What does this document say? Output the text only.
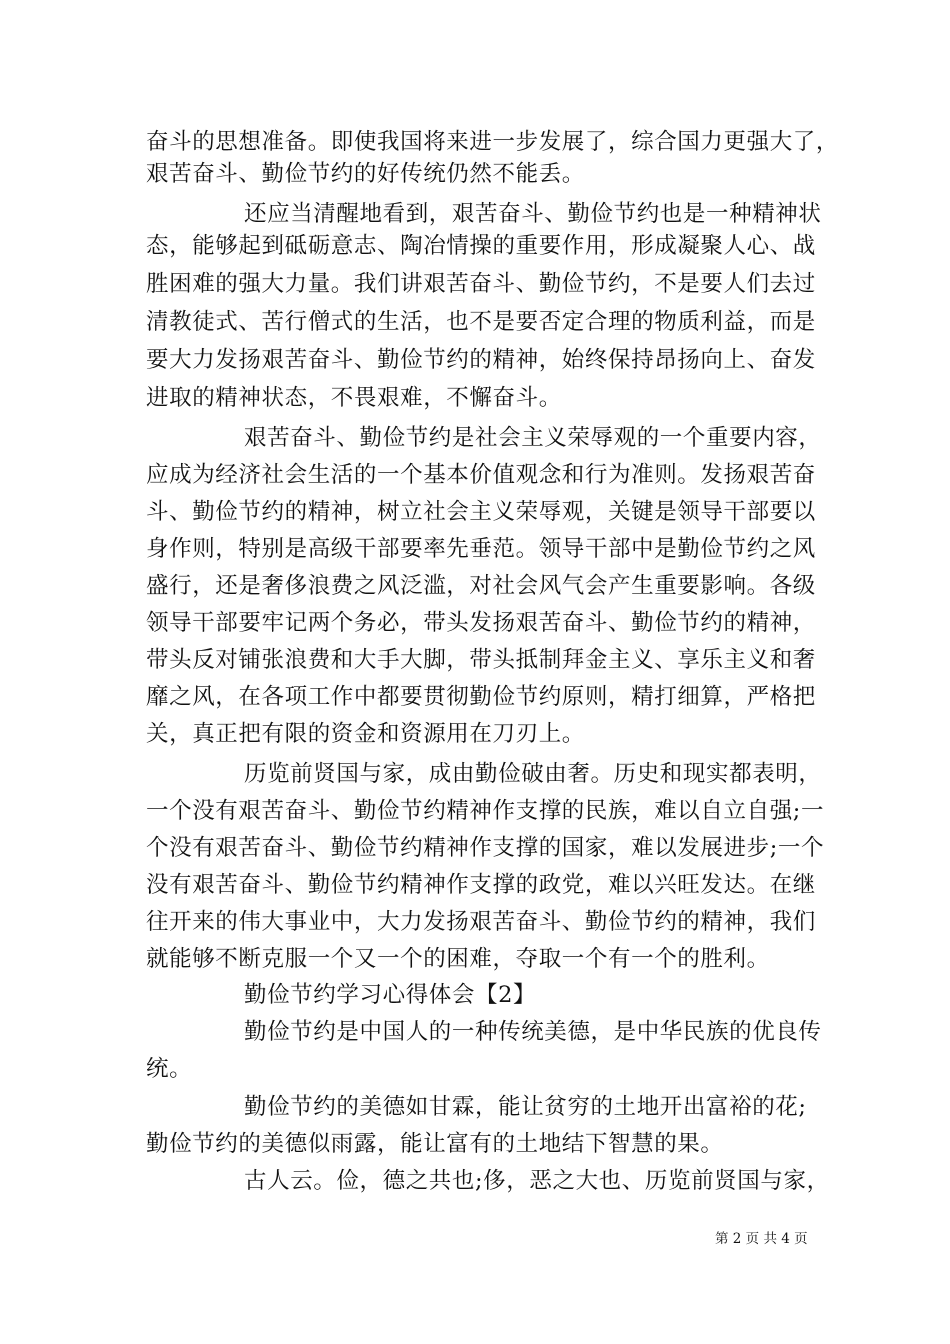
奋斗的思想准备。即使我国将来进一步发展了，综合国力更强大了，
艰苦奋斗、勤俭节约的好传统仍然不能丢。
还应当清醒地看到，艰苦奋斗、勤俭节约也是一种精神状
态，能够起到砥砺意志、陶冶情操的重要作用，形成凝聚人心、战
胜困难的强大力量。我们讲艰苦奋斗、勤俭节约，不是要人们去过
清教徒式、苦行僧式的生活，也不是要否定合理的物质利益，而是
要大力发扬艰苦奋斗、勤俭节约的精神，始终保持昂扬向上、奋发
进取的精神状态，不畏艰难，不懈奋斗。
艰苦奋斗、勤俭节约是社会主义荣辱观的一个重要内容，
应成为经济社会生活的一个基本价值观念和行为准则。发扬艰苦奋
斗、勤俭节约的精神，树立社会主义荣辱观，关键是领导干部要以
身作则，特别是高级干部要率先垂范。领导干部中是勤俭节约之风
盛行，还是奢侈浪费之风泛滥，对社会风气会产生重要影响。各级
领导干部要牢记两个务必，带头发扬艰苦奋斗、勤俭节约的精神，
带头反对铺张浪费和大手大脚，带头抵制拜金主义、享乐主义和奢
靡之风，在各项工作中都要贯彻勤俭节约原则，精打细算，严格把
关，真正把有限的资金和资源用在刀刃上。
历览前贤国与家，成由勤俭破由奢。历史和现实都表明，
一个没有艰苦奋斗、勤俭节约精神作支撑的民族，难以自立自强;一
个没有艰苦奋斗、勤俭节约精神作支撑的国家，难以发展进步;一个
没有艰苦奋斗、勤俭节约精神作支撑的政党，难以兴旺发达。在继
往开来的伟大事业中，大力发扬艰苦奋斗、勤俭节约的精神，我们
就能够不断克服一个又一个的困难，夺取一个有一个的胜利。
勤俭节约学习心得体会【2】
勤俭节约是中国人的一种传统美德，是中华民族的优良传
统。
勤俭节约的美德如甘霖，能让贫穷的土地开出富裕的花;
勤俭节约的美德似雨露，能让富有的土地结下智慧的果。
古人云。俭，德之共也;侈，恶之大也、历览前贤国与家，
第 2 页 共 4 页
